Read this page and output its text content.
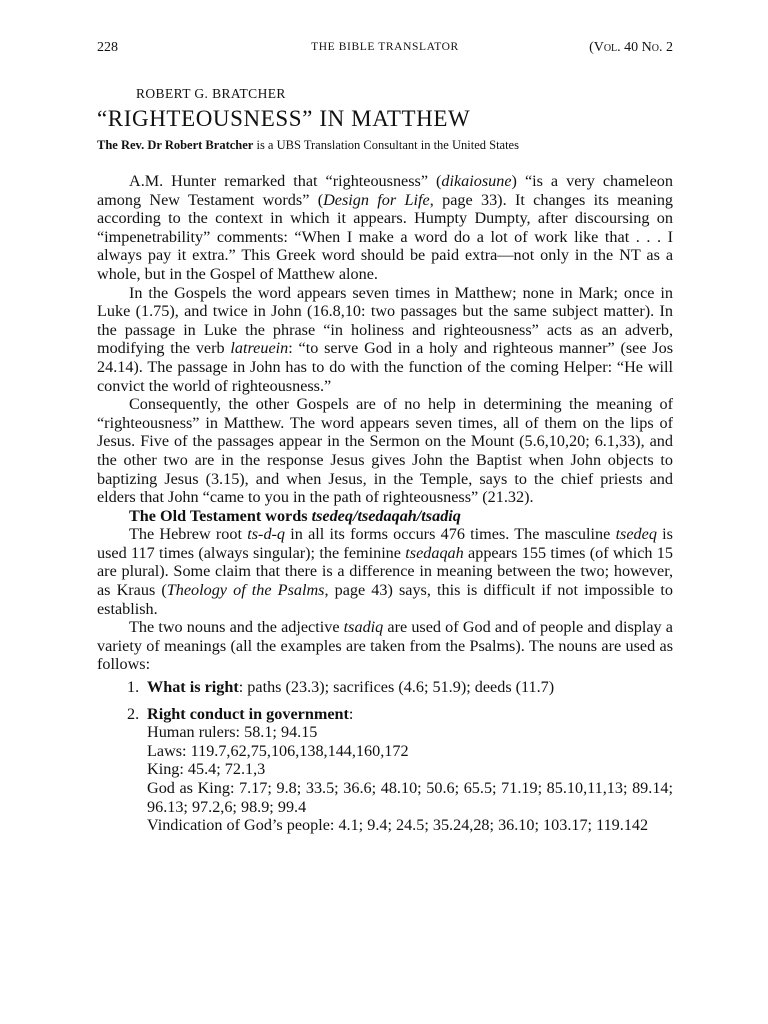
228	THE BIBLE TRANSLATOR	(Vol. 40 No. 2
ROBERT G. BRATCHER
“RIGHTEOUSNESS” IN MATTHEW
The Rev. Dr Robert Bratcher is a UBS Translation Consultant in the United States

A.M. Hunter remarked that “righteousness” (dikaiosune) “is a very chameleon among New Testament words” (Design for Life, page 33). It changes its meaning according to the context in which it appears. Humpty Dumpty, after discoursing on “impenetrability” comments: “When I make a word do a lot of work like that . . . I always pay it extra.” This Greek word should be paid extra—not only in the NT as a whole, but in the Gospel of Matthew alone.

In the Gospels the word appears seven times in Matthew; none in Mark; once in Luke (1.75), and twice in John (16.8,10: two passages but the same subject matter). In the passage in Luke the phrase “in holiness and righteousness” acts as an adverb, modifying the verb latreuein: “to serve God in a holy and righteous manner” (see Jos 24.14). The passage in John has to do with the function of the coming Helper: “He will convict the world of righteousness.”

Consequently, the other Gospels are of no help in determining the meaning of “righteousness” in Matthew. The word appears seven times, all of them on the lips of Jesus. Five of the passages appear in the Sermon on the Mount (5.6,10,20; 6.1,33), and the other two are in the response Jesus gives John the Baptist when John objects to baptizing Jesus (3.15), and when Jesus, in the Temple, says to the chief priests and elders that John “came to you in the path of righteousness” (21.32).

The Old Testament words tsedeq/tsedaqah/tsadiq

The Hebrew root ts-d-q in all its forms occurs 476 times. The masculine tsedeq is used 117 times (always singular); the feminine tsedaqah appears 155 times (of which 15 are plural). Some claim that there is a difference in meaning between the two; however, as Kraus (Theology of the Psalms, page 43) says, this is difficult if not impossible to establish.

The two nouns and the adjective tsadiq are used of God and of people and display a variety of meanings (all the examples are taken from the Psalms). The nouns are used as follows:

1. What is right: paths (23.3); sacrifices (4.6; 51.9); deeds (11.7)
2. Right conduct in government:
Human rulers: 58.1; 94.15
Laws: 119.7,62,75,106,138,144,160,172
King: 45.4; 72.1,3
God as King: 7.17; 9.8; 33.5; 36.6; 48.10; 50.6; 65.5; 71.19; 85.10,11,13; 89.14; 96.13; 97.2,6; 98.9; 99.4
Vindication of God’s people: 4.1; 9.4; 24.5; 35.24,28; 36.10; 103.17; 119.142
